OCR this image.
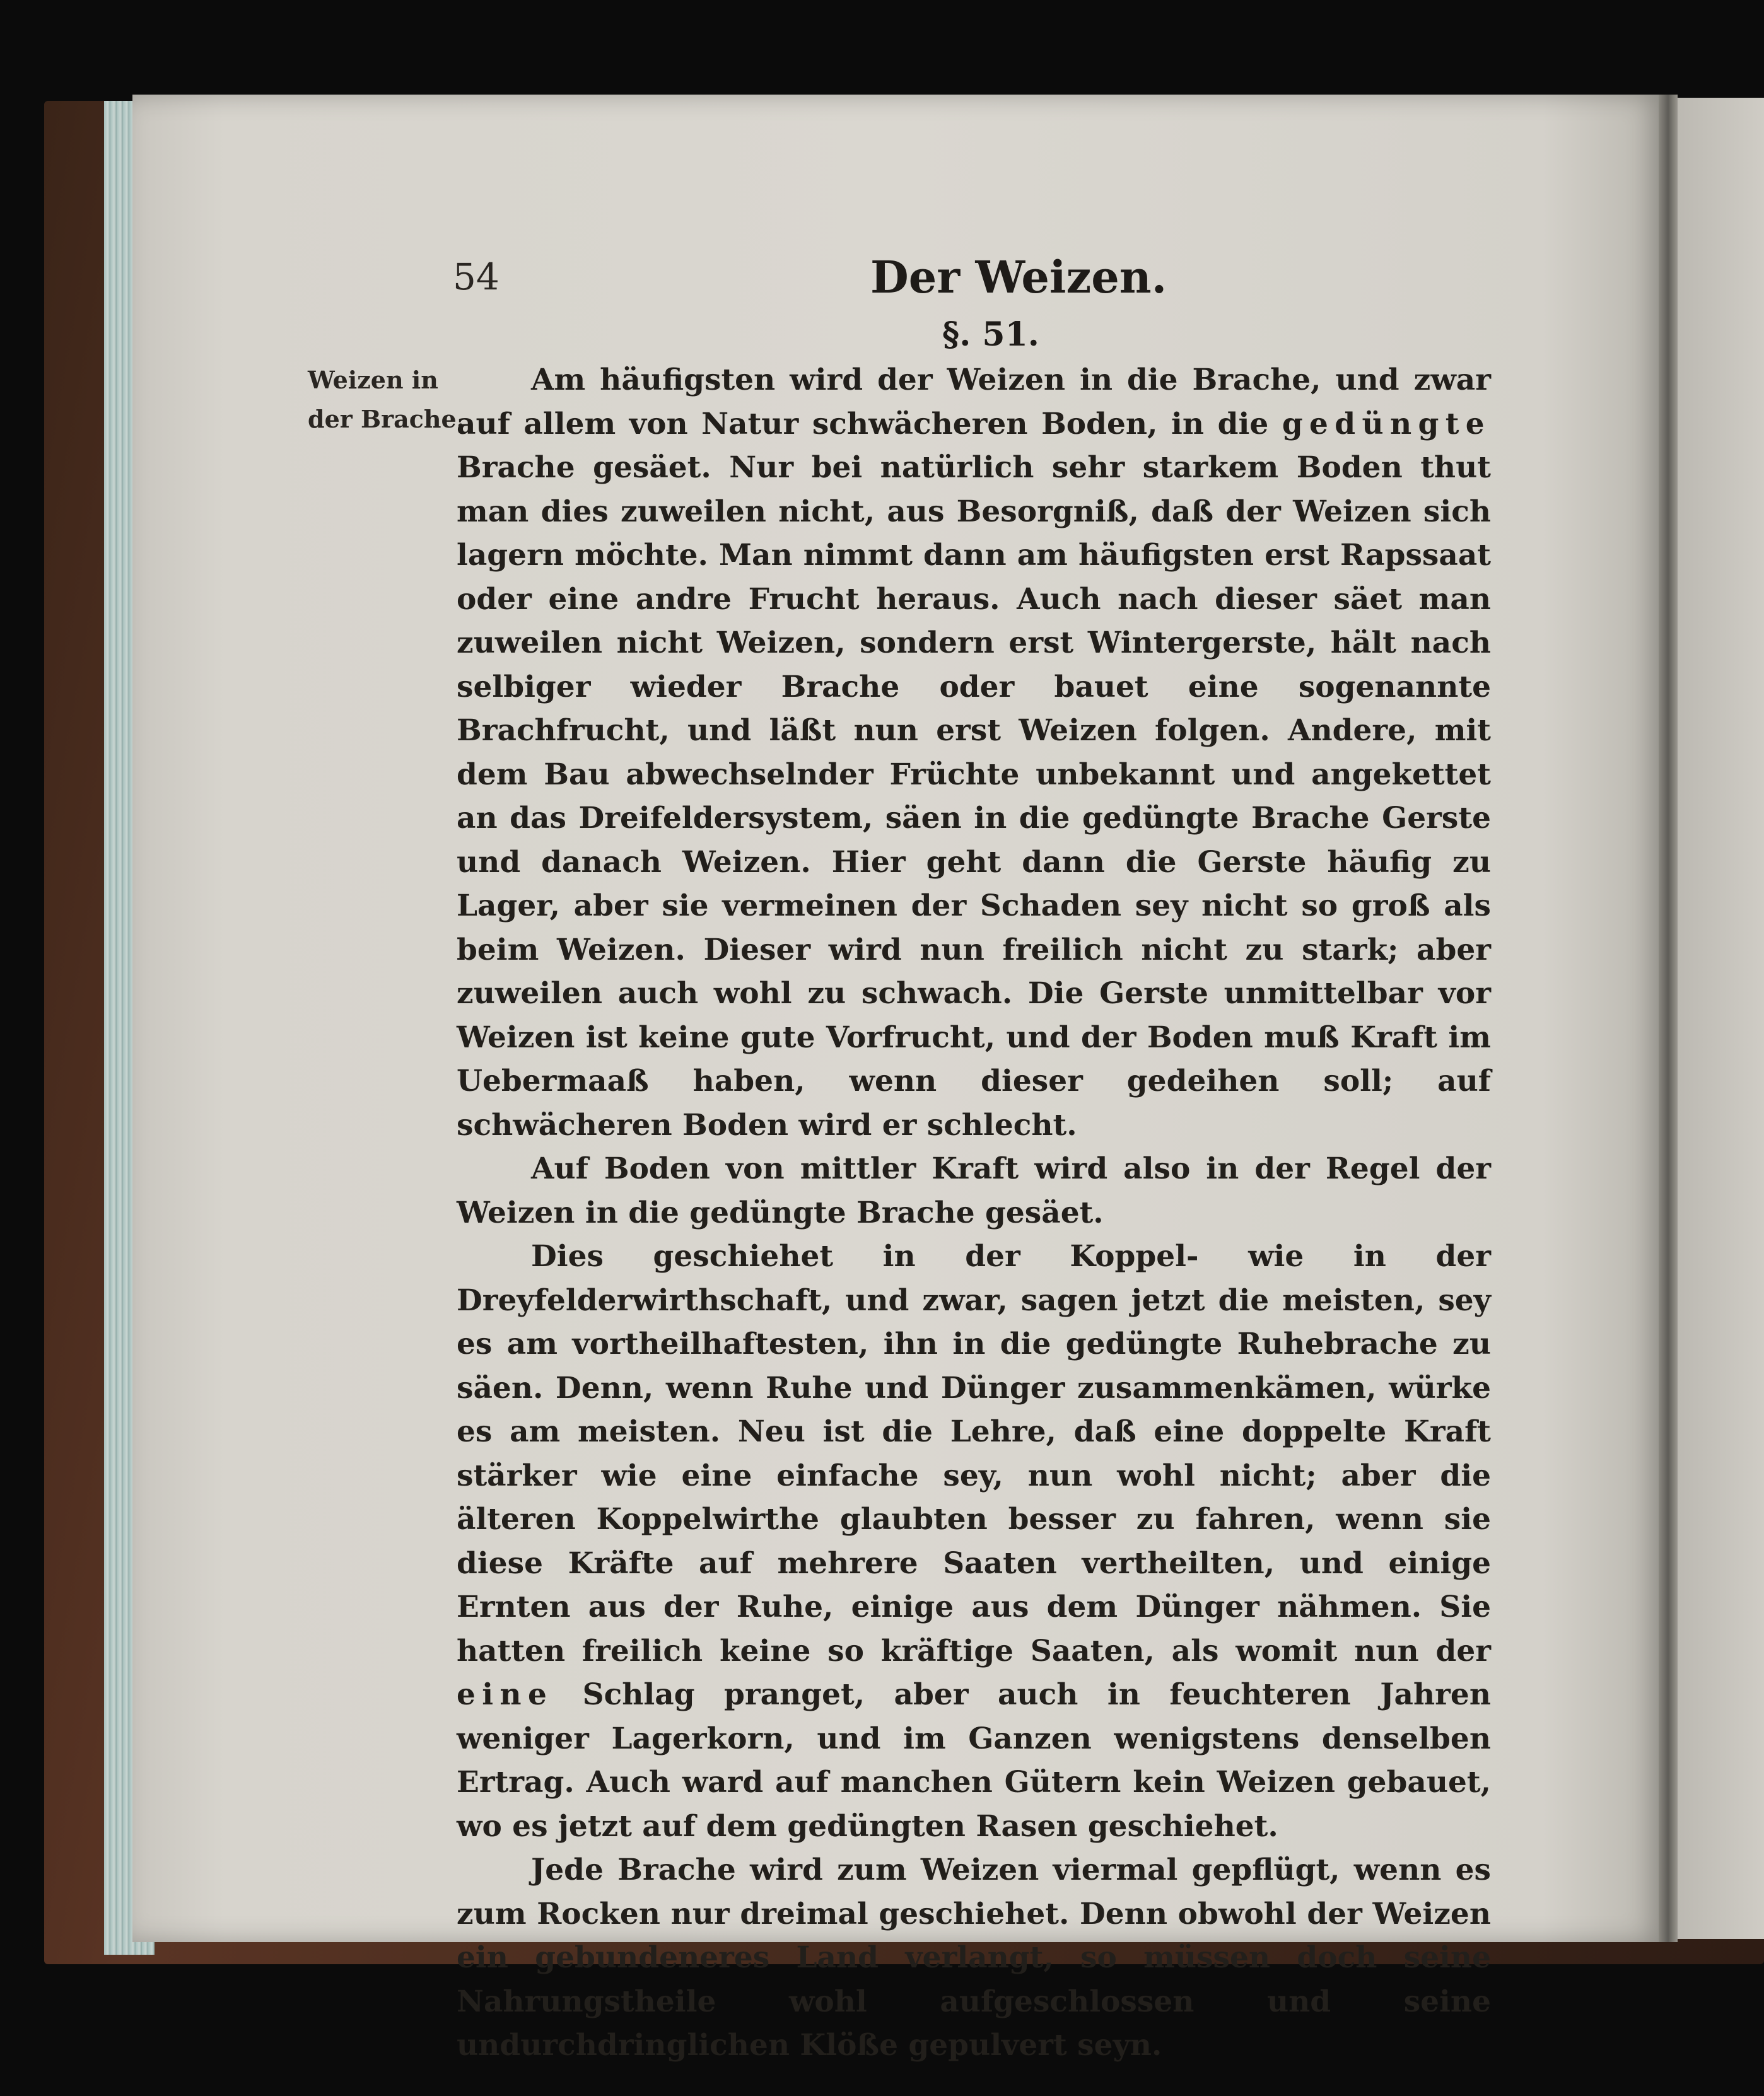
54	Der Weizen.
§. 51.
Weizen in der Brache.

Am häufigsten wird der Weizen in die Brache, und zwar auf allem von Natur schwächeren Boden, in die gedüngte Brache gesäet. Nur bei natürlich sehr starkem Boden thut man dies zuweilen nicht, aus Besorgniß, daß der Weizen sich lagern möchte. Man nimmt dann am häufigsten erst Rapssaat oder eine andre Frucht heraus. Auch nach dieser säet man zuweilen nicht Weizen, sondern erst Wintergerste, hält nach selbiger wieder Brache oder bauet eine sogenannte Brachfrucht, und läßt nun erst Weizen folgen. Andere, mit dem Bau abwechselnder Früchte unbekannt und angekettet an das Dreifeldersystem, säen in die gedüngte Brache Gerste und danach Weizen. Hier geht dann die Gerste häufig zu Lager, aber sie vermeinen der Schaden sey nicht so groß als beim Weizen. Dieser wird nun freilich nicht zu stark; aber zuweilen auch wohl zu schwach. Die Gerste unmittelbar vor Weizen ist keine gute Vorfrucht, und der Boden muß Kraft im Uebermaaß haben, wenn dieser gedeihen soll; auf schwächeren Boden wird er schlecht.

Auf Boden von mittler Kraft wird also in der Regel der Weizen in die gedüngte Brache gesäet.

Dies geschiehet in der Koppel- wie in der Dreyfelderwirthschaft, und zwar, sagen jetzt die meisten, sey es am vortheilhaftesten, ihn in die gedüngte Ruhebrache zu säen. Denn, wenn Ruhe und Dünger zusammenkämen, würke es am meisten. Neu ist die Lehre, daß eine doppelte Kraft stärker wie eine einfache sey, nun wohl nicht; aber die älteren Koppelwirthe glaubten besser zu fahren, wenn sie diese Kräfte auf mehrere Saaten vertheilten, und einige Ernten aus der Ruhe, einige aus dem Dünger nähmen. Sie hatten freilich keine so kräftige Saaten, als womit nun der eine Schlag pranget, aber auch in feuchteren Jahren weniger Lagerkorn, und im Ganzen wenigstens denselben Ertrag. Auch ward auf manchen Gütern kein Weizen gebauet, wo es jetzt auf dem gedüngten Rasen geschiehet.

Jede Brache wird zum Weizen viermal gepflügt, wenn es zum Rocken nur dreimal geschiehet. Denn obwohl der Weizen ein gebundeneres Land verlangt, so müssen doch seine Nahrungstheile wohl aufgeschlossen und seine undurchdringlichen Klöße gepulvert seyn.
